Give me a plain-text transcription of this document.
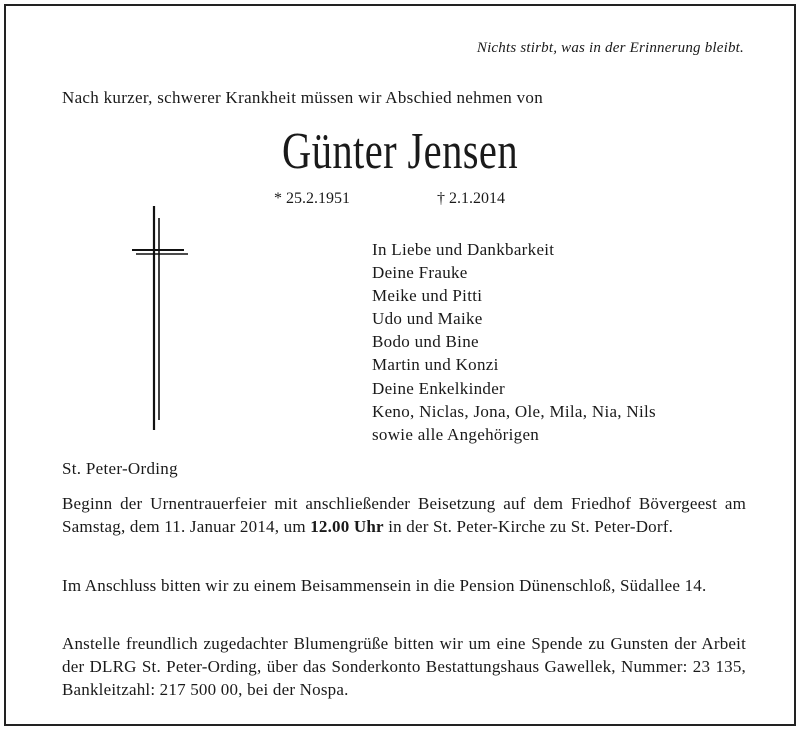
Nichts stirbt, was in der Erinnerung bleibt.
Nach kurzer, schwerer Krankheit müssen wir Abschied nehmen von
Günter Jensen
* 25.2.1951	† 2.1.2014
In Liebe und Dankbarkeit
Deine Frauke
Meike und Pitti
Udo und Maike
Bodo und Bine
Martin und Konzi
Deine Enkelkinder
Keno, Niclas, Jona, Ole, Mila, Nia, Nils
sowie alle Angehörigen
St. Peter-Ording

Beginn der Urnentrauerfeier mit anschließender Beisetzung auf dem Friedhof Bövergeest am Samstag, dem 11. Januar 2014, um 12.00 Uhr in der St. Peter-Kirche zu St. Peter-Dorf.

Im Anschluss bitten wir zu einem Beisammensein in die Pension Dünenschloß, Südallee 14.

Anstelle freundlich zugedachter Blumengrüße bitten wir um eine Spende zu Gunsten der Arbeit der DLRG St. Peter-Ording, über das Sonderkonto Bestattungshaus Gawellek, Nummer: 23 135, Bankleitzahl: 217 500 00, bei der Nospa.
